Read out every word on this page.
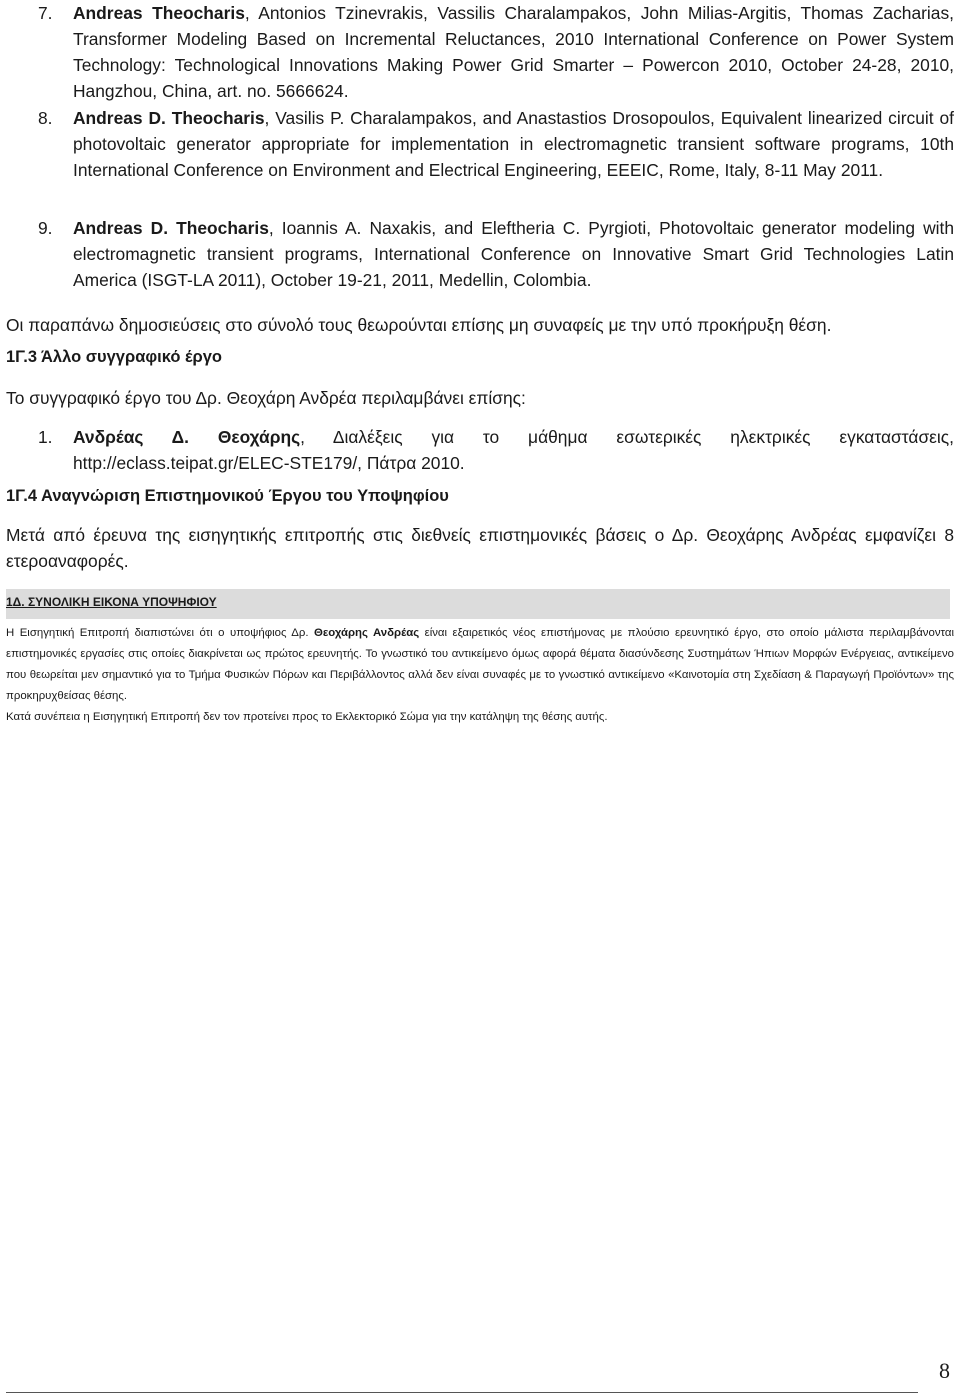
7. Andreas Theocharis, Antonios Tzinevrakis, Vassilis Charalampakos, John Milias-Argitis, Thomas Zacharias, Transformer Modeling Based on Incremental Reluctances, 2010 International Conference on Power System Technology: Technological Innovations Making Power Grid Smarter – Powercon 2010, October 24-28, 2010, Hangzhou, China, art. no. 5666624.
8. Andreas D. Theocharis, Vasilis P. Charalampakos, and Anastastios Drosopoulos, Equivalent linearized circuit of photovoltaic generator appropriate for implementation in electromagnetic transient software programs, 10th International Conference on Environment and Electrical Engineering, EEEIC, Rome, Italy, 8-11 May 2011.
9. Andreas D. Theocharis, Ioannis A. Naxakis, and Eleftheria C. Pyrgioti, Photovoltaic generator modeling with electromagnetic transient programs, International Conference on Innovative Smart Grid Technologies Latin America (ISGT-LA 2011), October 19-21, 2011, Medellin, Colombia.
Οι παραπάνω δημοσιεύσεις στο σύνολό τους θεωρούνται επίσης μη συναφείς με την υπό προκήρυξη θέση.
1Γ.3 Άλλο συγγραφικό έργο
Το συγγραφικό έργο του Δρ. Θεοχάρη Ανδρέα περιλαμβάνει επίσης:
1. Ανδρέας Δ. Θεοχάρης, Διαλέξεις για το μάθημα εσωτερικές ηλεκτρικές εγκαταστάσεις, http://eclass.teipat.gr/ELEC-STE179/, Πάτρα 2010.
1Γ.4 Αναγνώριση Επιστημονικού Έργου του Υποψηφίου
Μετά από έρευνα της εισηγητικής επιτροπής στις διεθνείς επιστημονικές βάσεις ο Δρ. Θεοχάρης Ανδρέας εμφανίζει 8 ετεροαναφορές.
1Δ. ΣΥΝΟΛΙΚΗ ΕΙΚΟΝΑ ΥΠΟΨΗΦΙΟΥ

Η Εισηγητική Επιτροπή διαπιστώνει ότι ο υποψήφιος Δρ. Θεοχάρης Ανδρέας είναι εξαιρετικός νέος επιστήμονας με πλούσιο ερευνητικό έργο, στο οποίο μάλιστα περιλαμβάνονται επιστημονικές εργασίες στις οποίες διακρίνεται ως πρώτος ερευνητής. Το γνωστικό του αντικείμενο όμως αφορά θέματα διασύνδεσης Συστημάτων Ήπιων Μορφών Ενέργειας, αντικείμενο που θεωρείται μεν σημαντικό για το Τμήμα Φυσικών Πόρων και Περιβάλλοντος αλλά δεν είναι συναφές με το γνωστικό αντικείμενο «Καινοτομία στη Σχεδίαση & Παραγωγή Προϊόντων» της προκηρυχθείσας θέσης.

Κατά συνέπεια η Εισηγητική Επιτροπή δεν τον προτείνει προς το Εκλεκτορικό Σώμα για την κατάληψη της θέσης αυτής.

8
